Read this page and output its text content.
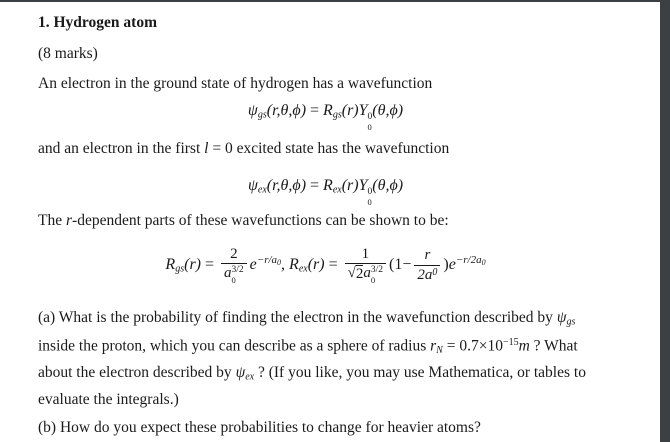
1. Hydrogen atom
(8 marks)
An electron in the ground state of hydrogen has a wavefunction
ψgs(r,θ,ϕ) = Rgs(r)Y 0
0
(θ,ϕ)
and an electron in the first l = 0 excited state has the wavefunction
ψex(r,θ,ϕ) = Rex(r)Y 0
0
(θ,ϕ)
The r-dependent parts of these wavefunctions can be shown to be:
Rgs(r) = 2
a 3/2
0 $e^{-r/a0}$, Rex(r) = 1
√ 2 a 3/2
0 $(1- \frac{r}{2a 0} )e^{-r/2a0}$
(a) What is the probability of finding the electron in the wavefunction described by ψgs
inside the proton, which you can describe as a sphere of radius rN = $0.7\times 10^{-15}m$ ? What
about the electron described by ψex ? (If you like, you may use Mathematica, or tables to
evaluate the integrals.)
(b) How do you expect these probabilities to change for heavier atoms?
